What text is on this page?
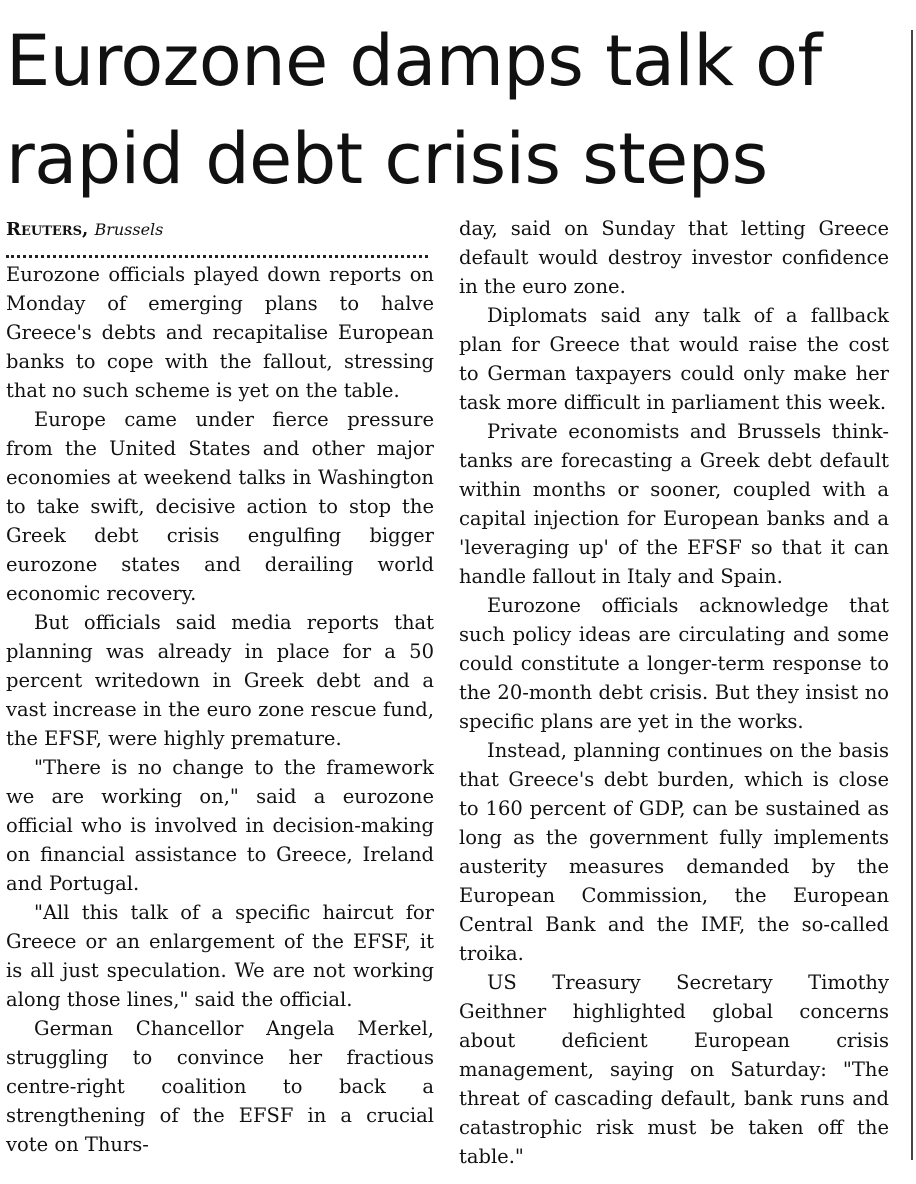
Eurozone damps talk of
rapid debt crisis steps
Reuters, Brussels

Eurozone officials played down reports on Monday of emerging plans to halve Greece's debts and recapitalise European banks to cope with the fallout, stressing that no such scheme is yet on the table.

Europe came under fierce pressure from the United States and other major economies at weekend talks in Washington to take swift, decisive action to stop the Greek debt crisis engulfing bigger eurozone states and derailing world economic recovery.

But officials said media reports that planning was already in place for a 50 percent writedown in Greek debt and a vast increase in the euro zone rescue fund, the EFSF, were highly premature.

"There is no change to the framework we are working on," said a eurozone official who is involved in decision-making on financial assistance to Greece, Ireland and Portugal.

"All this talk of a specific haircut for Greece or an enlargement of the EFSF, it is all just speculation. We are not working along those lines," said the official.

German Chancellor Angela Merkel, struggling to convince her fractious centre-right coalition to back a strengthening of the EFSF in a crucial vote on Thurs-

day, said on Sunday that letting Greece default would destroy investor confidence in the euro zone.

Diplomats said any talk of a fallback plan for Greece that would raise the cost to German taxpayers could only make her task more difficult in parliament this week.

Private economists and Brussels think-tanks are forecasting a Greek debt default within months or sooner, coupled with a capital injection for European banks and a 'leveraging up' of the EFSF so that it can handle fallout in Italy and Spain.

Eurozone officials acknowledge that such policy ideas are circulating and some could constitute a longer-term response to the 20-month debt crisis. But they insist no specific plans are yet in the works.

Instead, planning continues on the basis that Greece's debt burden, which is close to 160 percent of GDP, can be sustained as long as the government fully implements austerity measures demanded by the European Commission, the European Central Bank and the IMF, the so-called troika.

US Treasury Secretary Timothy Geithner highlighted global concerns about deficient European crisis management, saying on Saturday: "The threat of cascading default, bank runs and catastrophic risk must be taken off the table."
